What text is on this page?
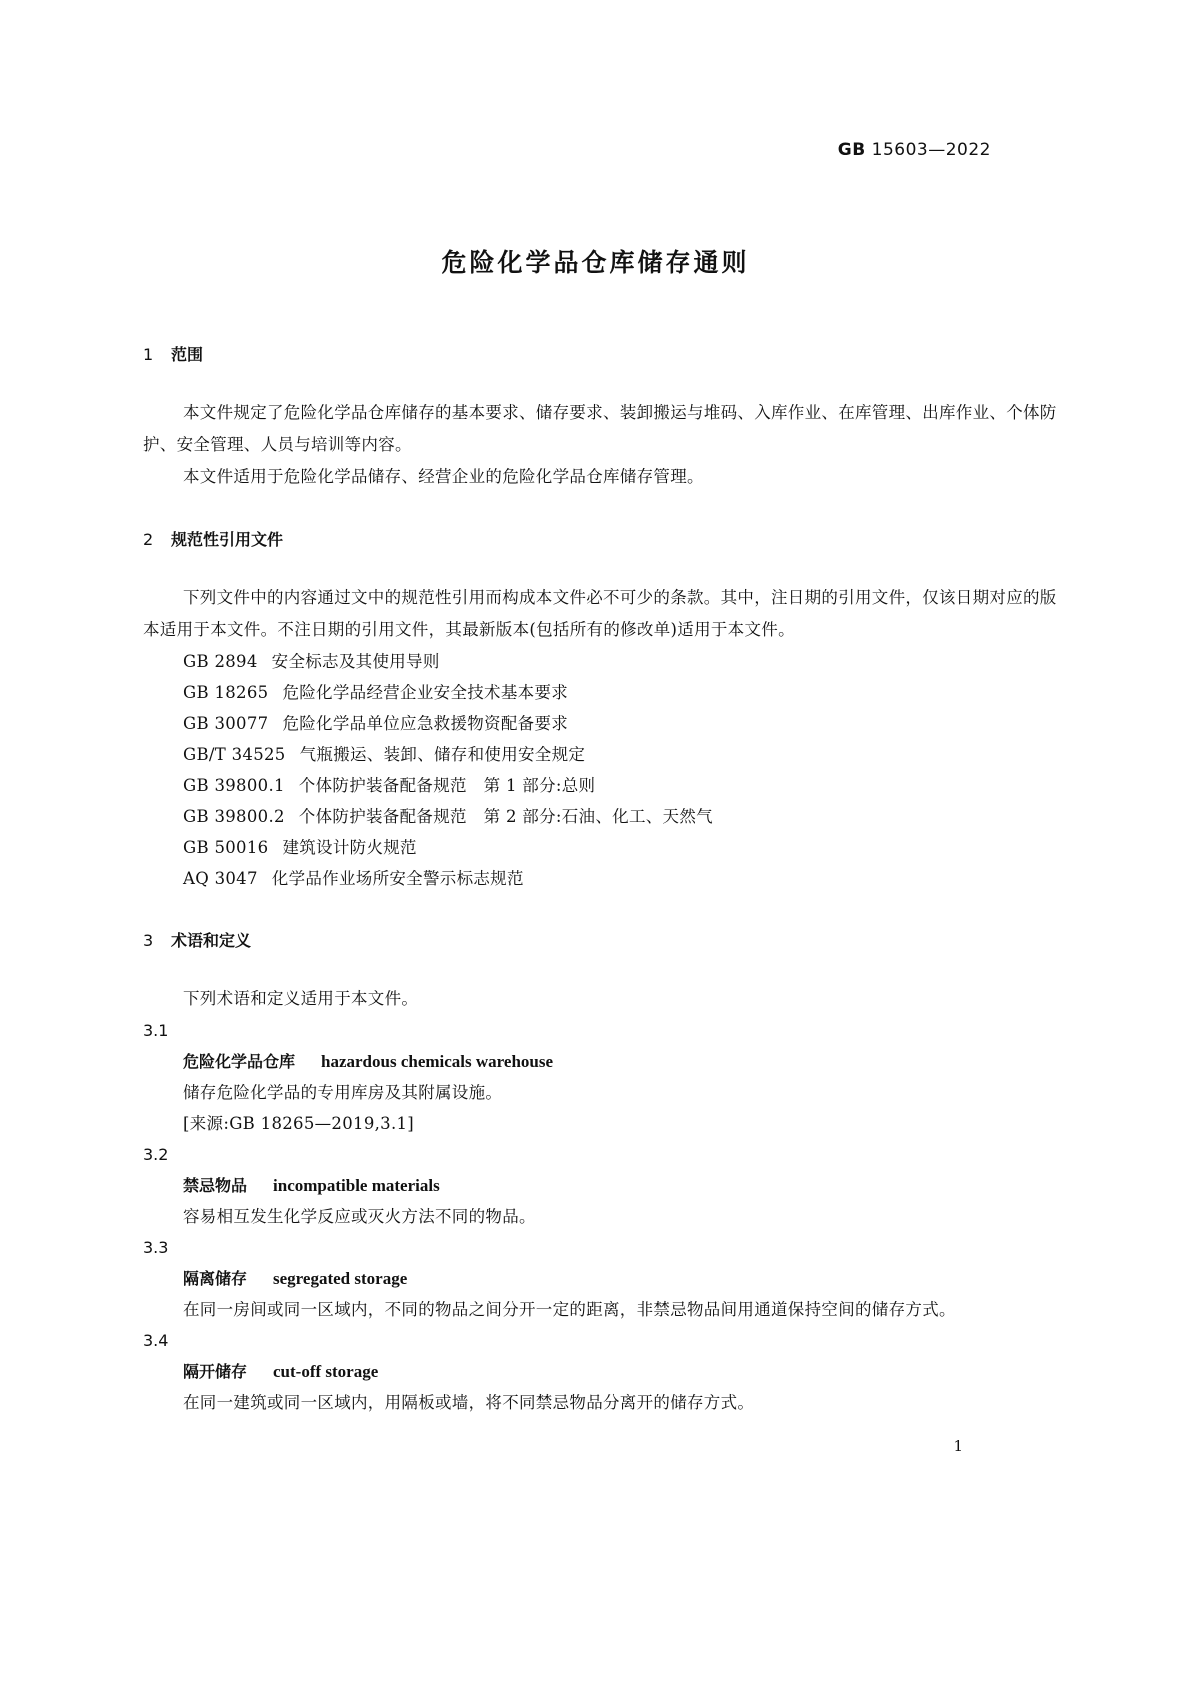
GB 15603—2022
危险化学品仓库储存通则
1 范围

本文件规定了危险化学品仓库储存的基本要求、储存要求、装卸搬运与堆码、入库作业、在库管理、出库作业、个体防护、安全管理、人员与培训等内容。

本文件适用于危险化学品储存、经营企业的危险化学品仓库储存管理。

2 规范性引用文件

下列文件中的内容通过文中的规范性引用而构成本文件必不可少的条款。其中，注日期的引用文件，仅该日期对应的版本适用于本文件。不注日期的引用文件，其最新版本(包括所有的修改单)适用于本文件。

GB 2894 安全标志及其使用导则
GB 18265 危险化学品经营企业安全技术基本要求
GB 30077 危险化学品单位应急救援物资配备要求
GB/T 34525 气瓶搬运、装卸、储存和使用安全规定
GB 39800.1 个体防护装备配备规范　第 1 部分:总则
GB 39800.2 个体防护装备配备规范　第 2 部分:石油、化工、天然气
GB 50016 建筑设计防火规范
AQ 3047 化学品作业场所安全警示标志规范
3 术语和定义

下列术语和定义适用于本文件。

3.1
危险化学品仓库 hazardous chemicals warehouse
储存危险化学品的专用库房及其附属设施。
[来源:GB 18265—2019,3.1]
3.2
禁忌物品 incompatible materials
容易相互发生化学反应或灭火方法不同的物品。
3.3
隔离储存 segregated storage
在同一房间或同一区域内，不同的物品之间分开一定的距离，非禁忌物品间用通道保持空间的储存方式。
3.4
隔开储存 cut-off storage
在同一建筑或同一区域内，用隔板或墙，将不同禁忌物品分离开的储存方式。
1
